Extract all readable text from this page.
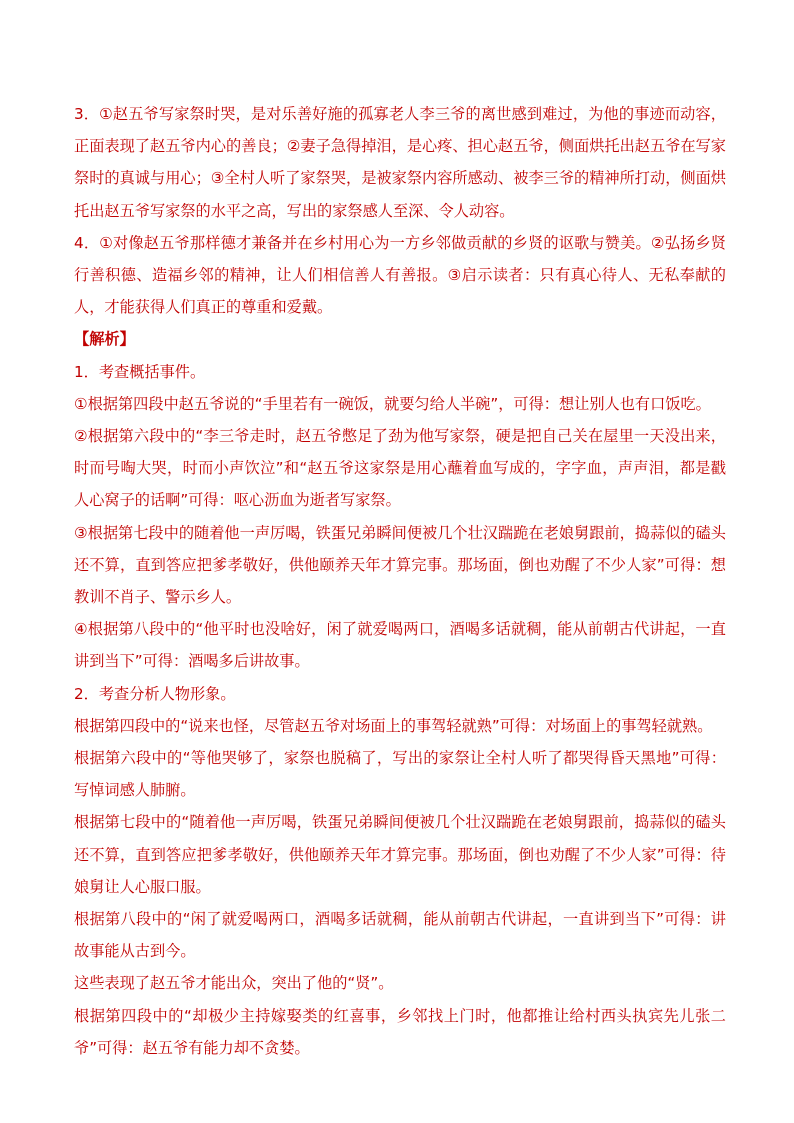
3．①赵五爷写家祭时哭，是对乐善好施的孤寡老人李三爷的离世感到难过，为他的事迹而动容，正面表现了赵五爷内心的善良；②妻子急得掉泪，是心疼、担心赵五爷，侧面烘托出赵五爷在写家祭时的真诚与用心；③全村人听了家祭哭，是被家祭内容所感动、被李三爷的精神所打动，侧面烘托出赵五爷写家祭的水平之高，写出的家祭感人至深、令人动容。

4．①对像赵五爷那样德才兼备并在乡村用心为一方乡邻做贡献的乡贤的讴歌与赞美。②弘扬乡贤行善积德、造福乡邻的精神，让人们相信善人有善报。③启示读者：只有真心待人、无私奉献的人，才能获得人们真正的尊重和爱戴。

【解析】

1．考查概括事件。

①根据第四段中赵五爷说的“手里若有一碗饭，就要匀给人半碗”，可得：想让别人也有口饭吃。

②根据第六段中的“李三爷走时，赵五爷憋足了劲为他写家祭，硬是把自己关在屋里一天没出来，时而号啕大哭，时而小声饮泣”和“赵五爷这家祭是用心蘸着血写成的，字字血，声声泪，都是戳人心窝子的话啊”可得：呕心沥血为逝者写家祭。

③根据第七段中的随着他一声厉喝，铁蛋兄弟瞬间便被几个壮汉踹跪在老娘舅跟前，捣蒜似的磕头还不算，直到答应把爹孝敬好，供他颐养天年才算完事。那场面，倒也劝醒了不少人家”可得：想教训不肖子、警示乡人。

④根据第八段中的“他平时也没啥好，闲了就爱喝两口，酒喝多话就稠，能从前朝古代讲起，一直讲到当下”可得：酒喝多后讲故事。

2．考查分析人物形象。

根据第四段中的“说来也怪，尽管赵五爷对场面上的事驾轻就熟”可得：对场面上的事驾轻就熟。

根据第六段中的“等他哭够了，家祭也脱稿了，写出的家祭让全村人听了都哭得昏天黑地”可得：写悼词感人肺腑。

根据第七段中的“随着他一声厉喝，铁蛋兄弟瞬间便被几个壮汉踹跪在老娘舅跟前，捣蒜似的磕头还不算，直到答应把爹孝敬好，供他颐养天年才算完事。那场面，倒也劝醒了不少人家”可得：待娘舅让人心服口服。

根据第八段中的“闲了就爱喝两口，酒喝多话就稠，能从前朝古代讲起，一直讲到当下”可得：讲故事能从古到今。

这些表现了赵五爷才能出众，突出了他的“贤”。

根据第四段中的“却极少主持嫁娶类的红喜事，乡邻找上门时，他都推让给村西头执宾先儿张二爷”可得：赵五爷有能力却不贪婪。
